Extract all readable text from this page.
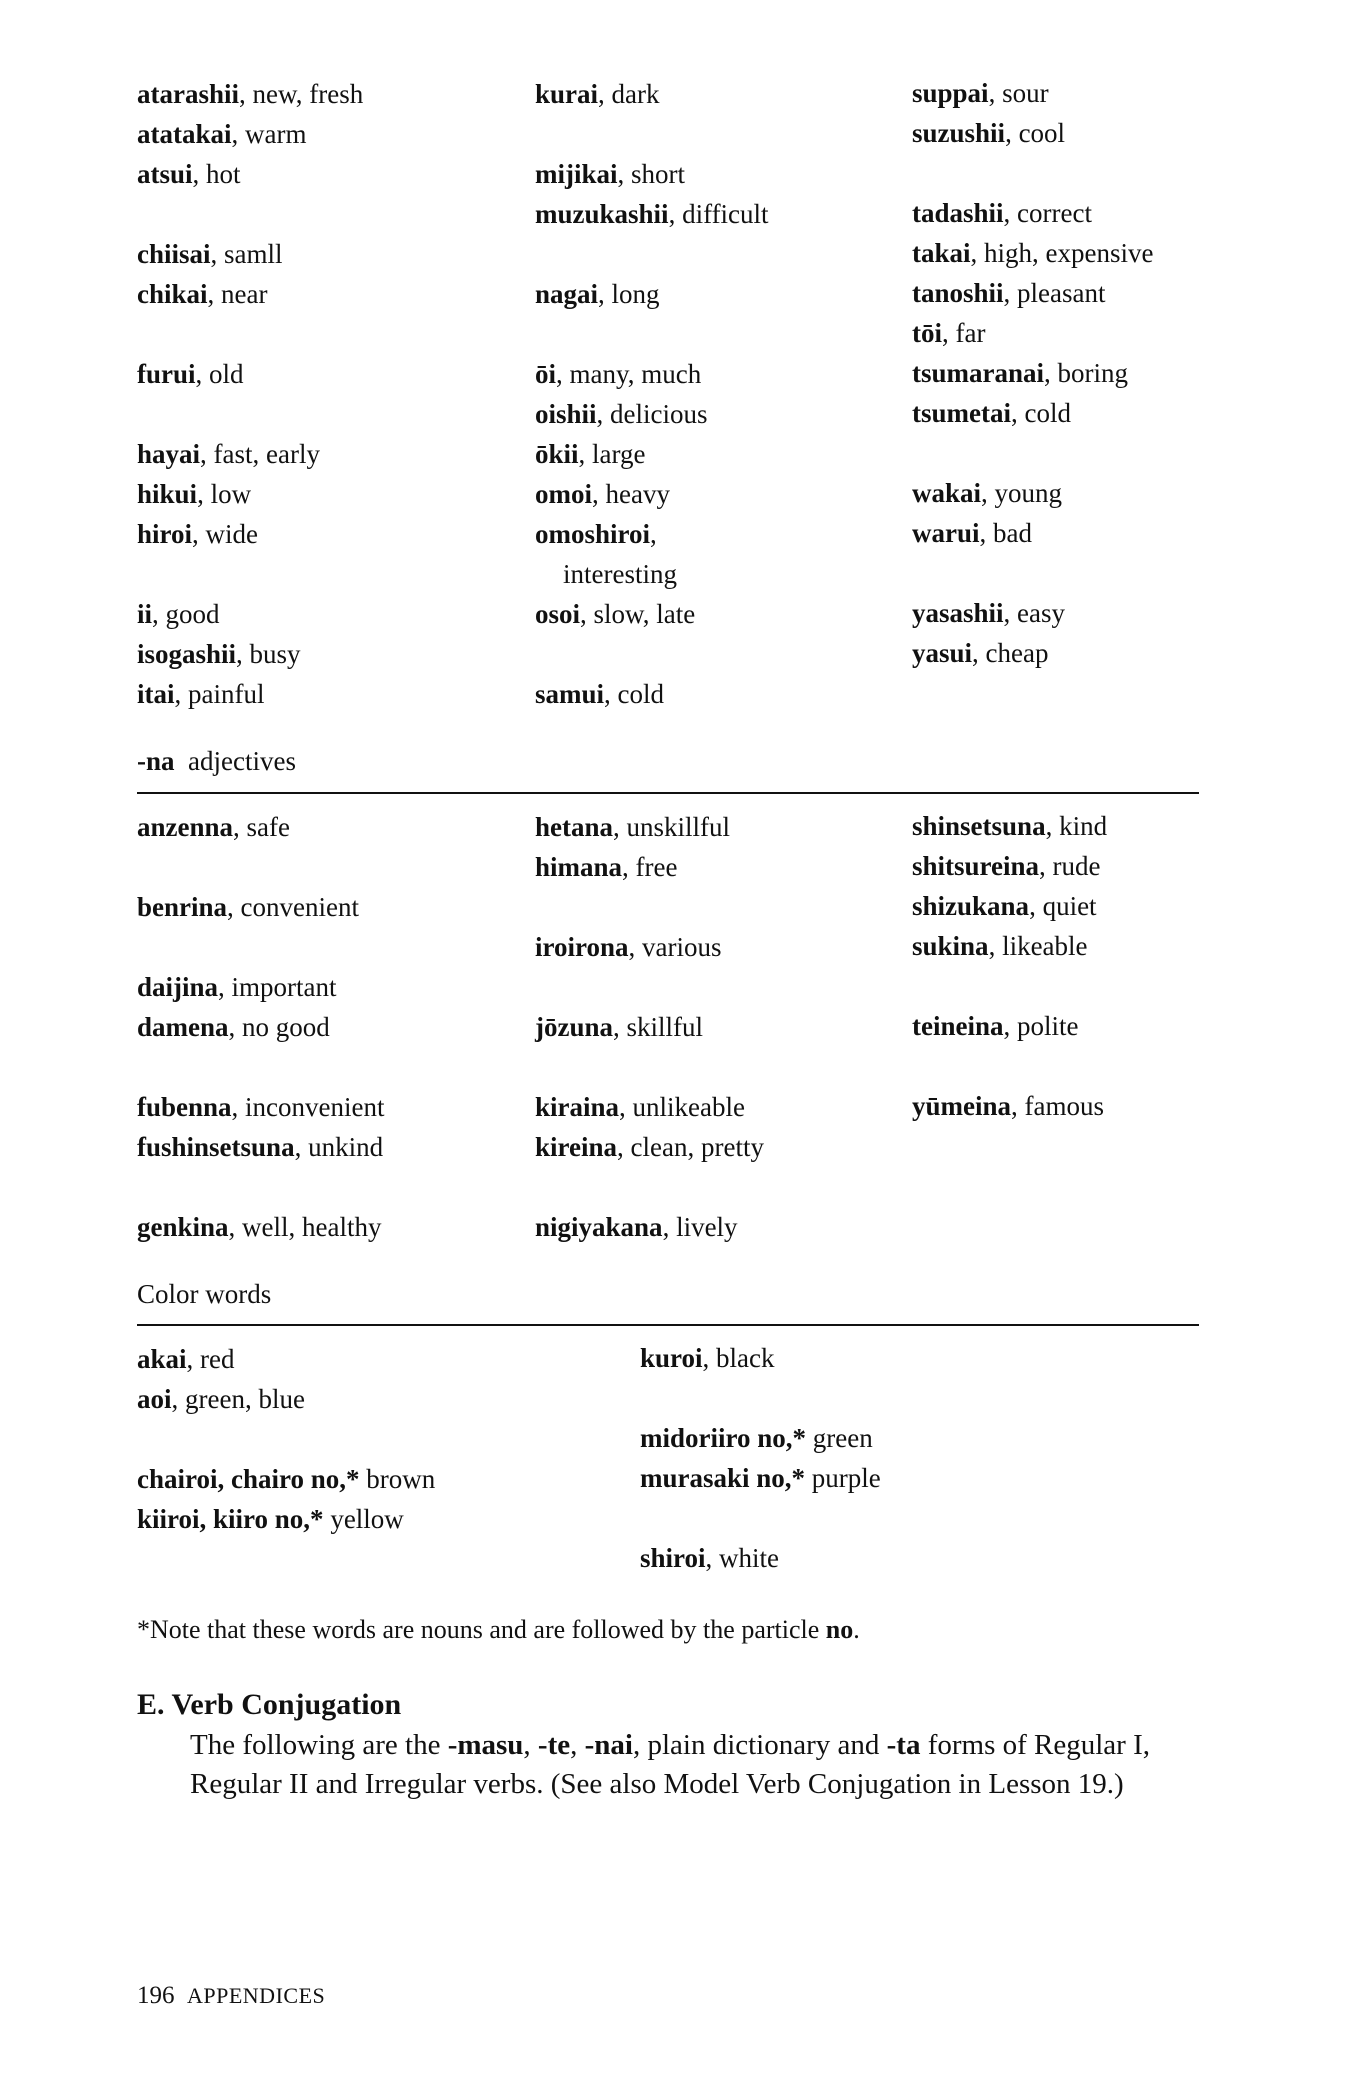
atarashii, new, fresh
atatakai, warm
atsui, hot
chiisai, samll
chikai, near
furui, old
hayai, fast, early
hikui, low
hiroi, wide
ii, good
isogashii, busy
itai, painful
kurai, dark
mijikai, short
muzukashii, difficult
nagai, long
ōi, many, much
oishii, delicious
ōkii, large
omoi, heavy
omoshiroi,
interesting
osoi, slow, late
samui, cold
suppai, sour
suzushii, cool
tadashii, correct
takai, high, expensive
tanoshii, pleasant
tōi, far
tsumaranai, boring
tsumetai, cold
wakai, young
warui, bad
yasashii, easy
yasui, cheap
-na adjectives
anzenna, safe
benrina, convenient
daijina, important
damena, no good
fubenna, inconvenient
fushinsetsuna, unkind
genkina, well, healthy
hetana, unskillful
himana, free
iroirona, various
jōzuna, skillful
kiraina, unlikeable
kireina, clean, pretty
nigiyakana, lively
shinsetsuna, kind
shitsureina, rude
shizukana, quiet
sukina, likeable
teineina, polite
yūmeina, famous
Color words
akai, red
aoi, green, blue
chairoi, chairo no,* brown
kiiroi, kiiro no,* yellow
kuroi, black
midoriiro no,* green
murasaki no,* purple
shiroi, white
*Note that these words are nouns and are followed by the particle no.
E. Verb Conjugation
The following are the -masu, -te, -nai, plain dictionary and -ta forms of Regular I, Regular II and Irregular verbs. (See also Model Verb Conjugation in Lesson 19.)
196 APPENDICES
